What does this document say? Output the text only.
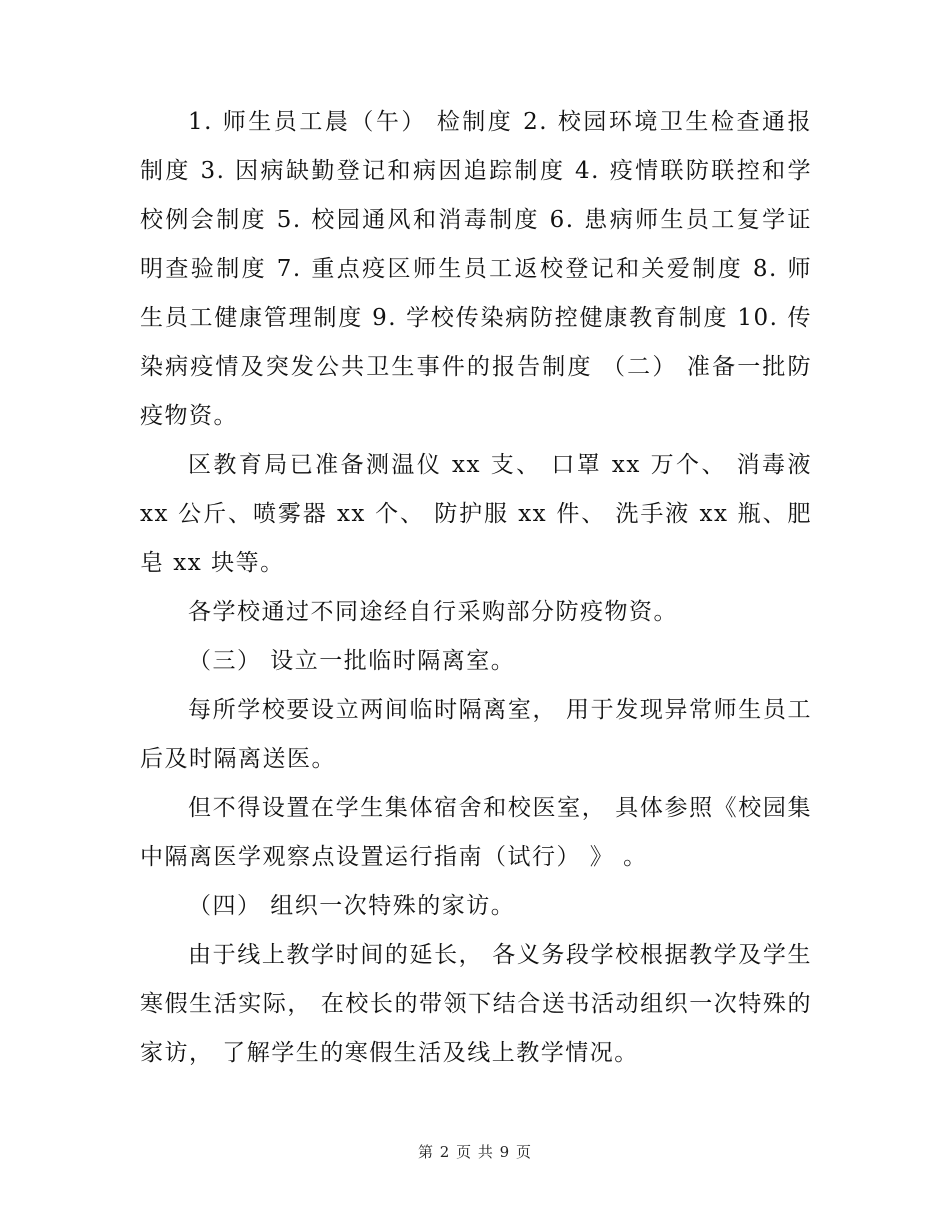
1. 师生员工晨（午） 检制度 2. 校园环境卫生检查通报制度 3. 因病缺勤登记和病因追踪制度 4. 疫情联防联控和学校例会制度 5. 校园通风和消毒制度 6. 患病师生员工复学证明查验制度 7. 重点疫区师生员工返校登记和关爱制度 8. 师生员工健康管理制度 9. 学校传染病防控健康教育制度 10. 传染病疫情及突发公共卫生事件的报告制度 （二） 准备一批防疫物资。

区教育局已准备测温仪 xx 支、 口罩 xx 万个、 消毒液 xx 公斤、喷雾器 xx 个、 防护服 xx 件、 洗手液 xx 瓶、肥皂 xx 块等。

各学校通过不同途经自行采购部分防疫物资。

（三） 设立一批临时隔离室。

每所学校要设立两间临时隔离室， 用于发现异常师生员工后及时隔离送医。

但不得设置在学生集体宿舍和校医室， 具体参照《校园集中隔离医学观察点设置运行指南（试行） 》 。

（四） 组织一次特殊的家访。

由于线上教学时间的延长， 各义务段学校根据教学及学生寒假生活实际， 在校长的带领下结合送书活动组织一次特殊的家访， 了解学生的寒假生活及线上教学情况。

第 2 页 共 9 页
